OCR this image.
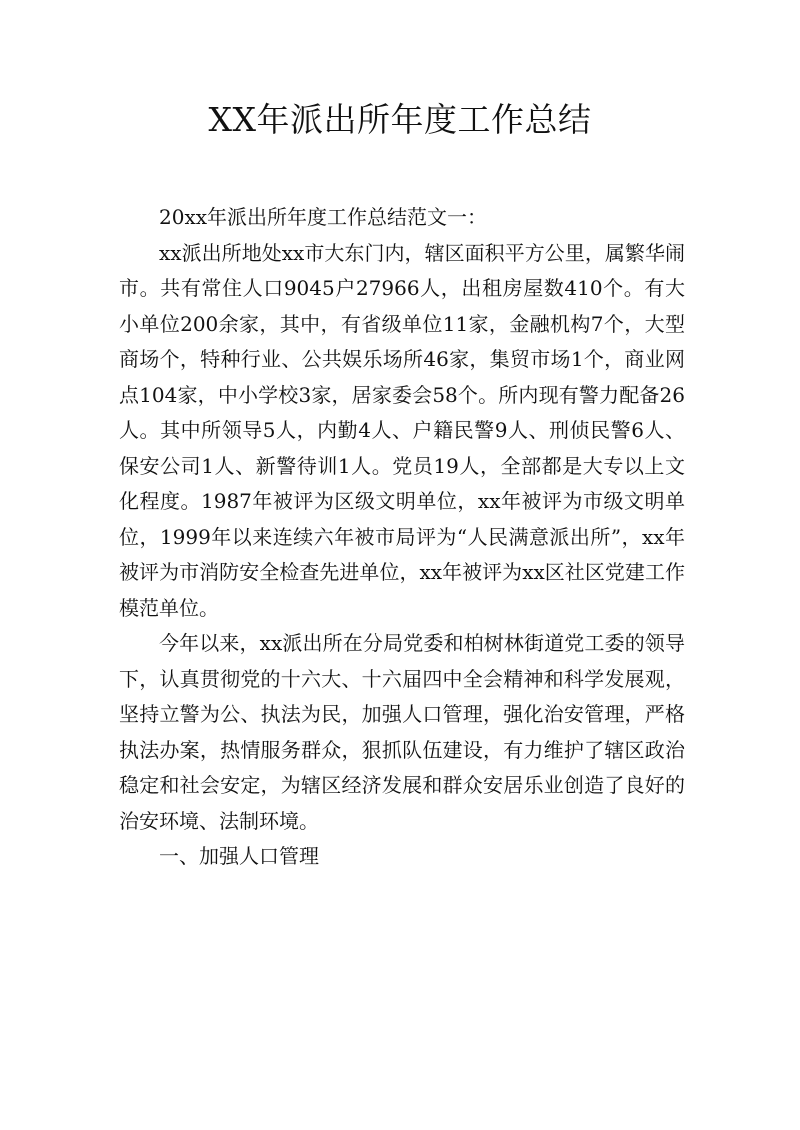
XX年派出所年度工作总结

20xx年派出所年度工作总结范文一：

xx派出所地处xx市大东门内，辖区面积平方公里，属繁华闹市。共有常住人口9045户27966人，出租房屋数410个。有大小单位200余家，其中，有省级单位11家，金融机构7个，大型商场个，特种行业、公共娱乐场所46家，集贸市场1个，商业网点104家，中小学校3家，居家委会58个。所内现有警力配备26人。其中所领导5人，内勤4人、户籍民警9人、刑侦民警6人、保安公司1人、新警待训1人。党员19人，全部都是大专以上文化程度。1987年被评为区级文明单位，xx年被评为市级文明单位，1999年以来连续六年被市局评为“人民满意派出所”，xx年被评为市消防安全检查先进单位，xx年被评为xx区社区党建工作模范单位。

今年以来，xx派出所在分局党委和柏树林街道党工委的领导下，认真贯彻党的十六大、十六届四中全会精神和科学发展观，坚持立警为公、执法为民，加强人口管理，强化治安管理，严格执法办案，热情服务群众，狠抓队伍建设，有力维护了辖区政治稳定和社会安定，为辖区经济发展和群众安居乐业创造了良好的治安环境、法制环境。

一、加强人口管理
